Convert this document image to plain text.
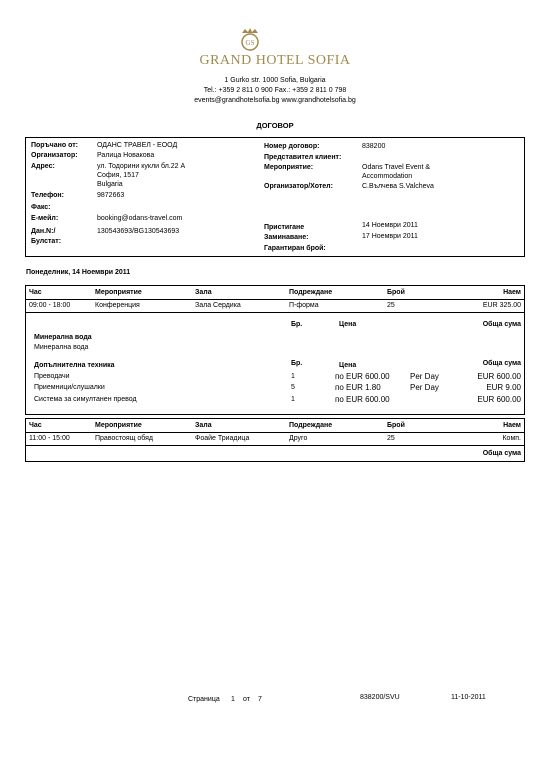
GS
GRAND HOTEL SOFIA
1 Gurko str. 1000 Sofia, Bulgaria
Tel.: +359 2 811 0 900 Fax.: +359 2 811 0 798
events@grandhotelsofia.bg www.grandhotelsofia.bg
ДОГОВОР
Поръчано от:	ОДАНС ТРАВЕЛ - ЕООД
Организатор:	Ралица Новакова
Адрес:	ул. Тодорини кукли бл.22 А
София, 1517
Bulgaria
Телефон:	9872663
Факс:
Е-мейл:	booking@odans-travel.com
Дан.N:/	130543693/BG130543693
Булстат:
Номер договор:	838200
Представител клиент:
Мероприятие:	Odans Travel Event &
Accommodation
Организатор/Хотел:	С.Вълчева S.Valcheva
Пристигане	14 Ноември 2011
Заминаване:	17 Ноември 2011
Гарантиран брой:
Понеделник, 14 Ноември 2011
Час	Мероприятие	Зала	Подреждане	Брой	Наем
09:00 - 18:00	Конференция	Зала Сердика	П-форма	25	EUR 325.00
Бр.	Цена	Обща сума
Минерална вода
Минерална вода
Допълнителна техника	Бр.	Цена	Обща сума
Преводачи	1	по EUR 600.00	Per Day	EUR 600.00
Приемници/слушалки	5	по EUR 1.80	Per Day	EUR 9.00
Система за симултанен превод	1	по EUR 600.00	EUR 600.00
Час	Мероприятие	Зала	Подреждане	Брой	Наем
11:00 - 15:00	Правостоящ обяд	Фоайе Триадица	Друго	25	Комп.
Обща сума
Страница 1 от 7	838200/SVU	11-10-2011
